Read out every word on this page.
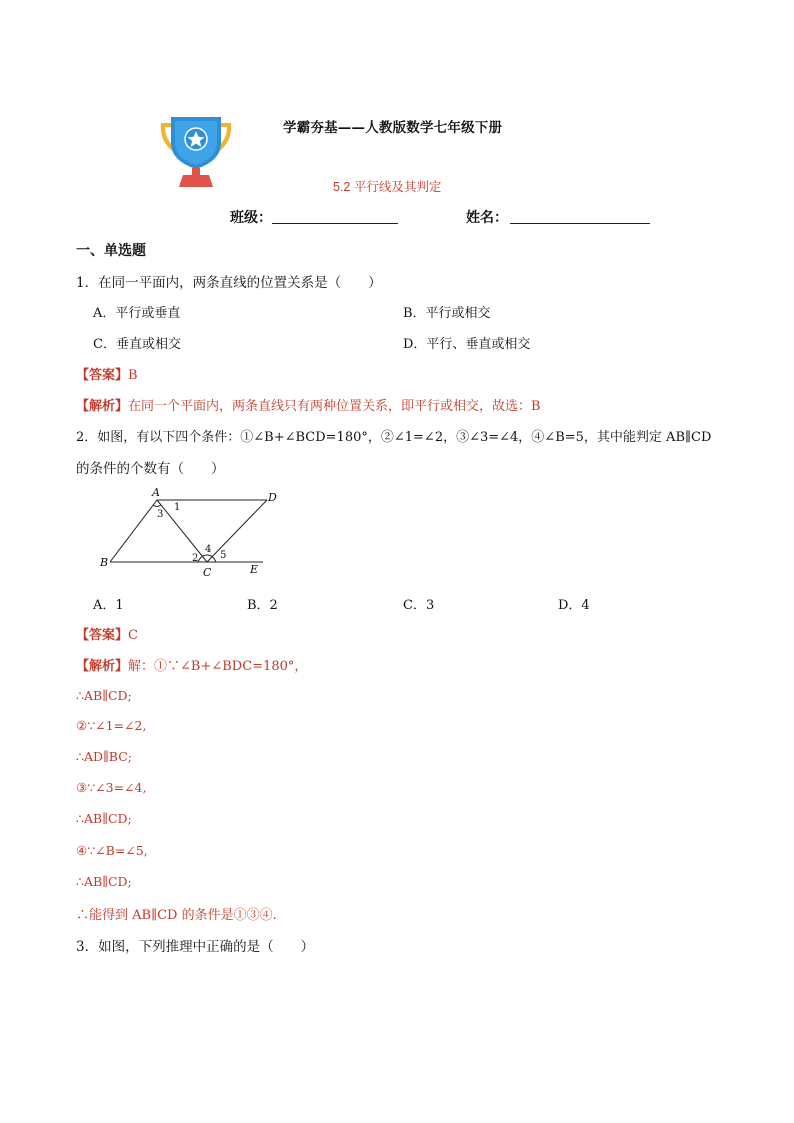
学霸夯基——人教版数学七年级下册
5.2 平行线及其判定
班级：	姓名：
一、单选题
1．在同一平面内，两条直线的位置关系是（　　）
A．平行或垂直	B．平行或相交
C．垂直或相交	D．平行、垂直或相交
【答案】B
【解析】在同一个平面内，两条直线只有两种位置关系，即平行或相交，故选：B
2．如图，有以下四个条件：①∠B+∠BCD=180°，②∠1=∠2，③∠3=∠4，④∠B=5，其中能判定 AB∥CD
的条件的个数有（　　）
A	D
B
C	E
1
2
3
4
5
A．1	B．2	C．3	D．4
【答案】C
【解析】解：①∵∠B+∠BDC=180°，
∴AB∥CD;
②∵∠1=∠2,
∴AD∥BC;
③∵∠3=∠4,
∴AB∥CD;
④∵∠B=∠5,
∴AB∥CD;
∴能得到 AB∥CD 的条件是①③④.
3．如图，下列推理中正确的是（　　）
